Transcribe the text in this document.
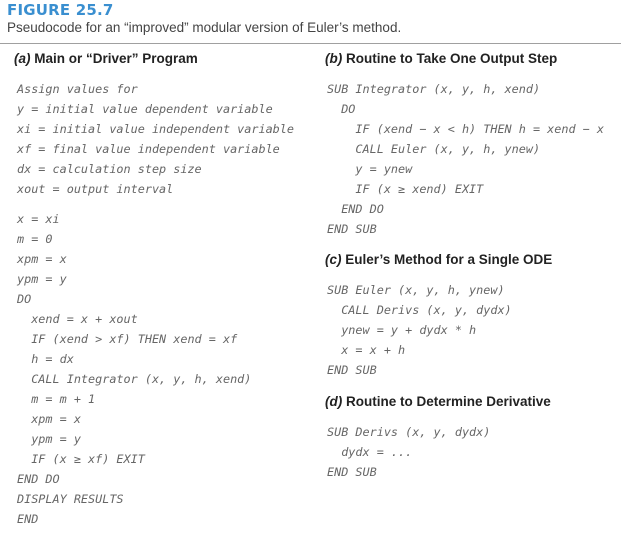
FIGURE 25.7
Pseudocode for an “improved” modular version of Euler’s method.
(a) Main or “Driver” Program
Assign values for
y = initial value dependent variable
xi = initial value independent variable
xf = final value independent variable
dx = calculation step size
xout = output interval
x = xi
m = 0
xpm = x
ypm = y
DO
xend = x + xout
IF (xend > xf) THEN xend = xf
h = dx
CALL Integrator (x, y, h, xend)
m = m + 1
xpm = x
ypm = y
IF (x ≥ xf) EXIT
END DO
DISPLAY RESULTS
END
(b) Routine to Take One Output Step
SUB Integrator (x, y, h, xend)
DO
IF (xend − x < h) THEN h = xend − x
CALL Euler (x, y, h, ynew)
y = ynew
IF (x ≥ xend) EXIT
END DO
END SUB
(c) Euler’s Method for a Single ODE
SUB Euler (x, y, h, ynew)
CALL Derivs (x, y, dydx)
ynew = y + dydx * h
x = x + h
END SUB
(d) Routine to Determine Derivative
SUB Derivs (x, y, dydx)
dydx = ...
END SUB
